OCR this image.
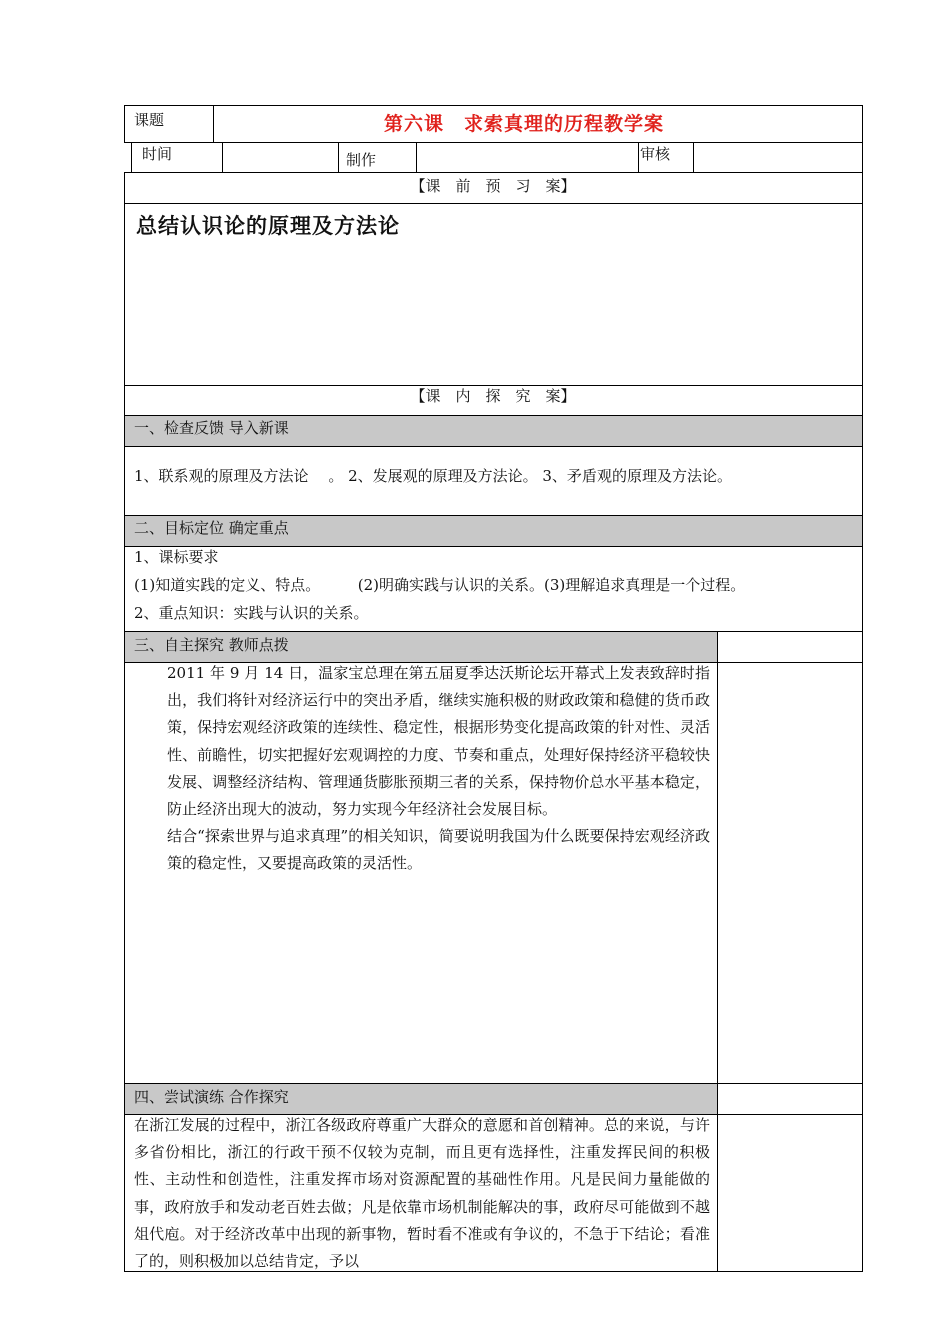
课题	第六课　求索真理的历程教学案
时间	制作	审核
【课　前　预　习　案】
总结认识论的原理及方法论
【课　内　探　究　案】
一、检查反馈 导入新课
1、联系观的原理及方法论　 。 2、发展观的原理及方法论。 3、矛盾观的原理及方法论。
二、目标定位 确定重点
1、课标要求
(1)知道实践的定义、特点。　　　(2)明确实践与认识的关系。(3)理解追求真理是一个过程。
2、重点知识：实践与认识的关系。
三、自主探究 教师点拨

2011 年 9 月 14 日，温家宝总理在第五届夏季达沃斯论坛开幕式上发表致辞时指出，我们将针对经济运行中的突出矛盾，继续实施积极的财政政策和稳健的货币政策，保持宏观经济政策的连续性、稳定性，根据形势变化提高政策的针对性、灵活性、前瞻性，切实把握好宏观调控的力度、节奏和重点，处理好保持经济平稳较快发展、调整经济结构、管理通货膨胀预期三者的关系，保持物价总水平基本稳定，防止经济出现大的波动，努力实现今年经济社会发展目标。

结合“探索世界与追求真理”的相关知识，简要说明我国为什么既要保持宏观经济政策的稳定性，又要提高政策的灵活性。

四、尝试演练 合作探究
在浙江发展的过程中，浙江各级政府尊重广大群众的意愿和首创精神。总的来说，与许多省份相比，浙江的行政干预不仅较为克制，而且更有选择性，注重发挥民间的积极性、主动性和创造性，注重发挥市场对资源配置的基础性作用。凡是民间力量能做的事，政府放手和发动老百姓去做；凡是依靠市场机制能解决的事，政府尽可能做到不越俎代庖。对于经济改革中出现的新事物，暂时看不准或有争议的，不急于下结论；看准了的，则积极加以总结肯定，予以
